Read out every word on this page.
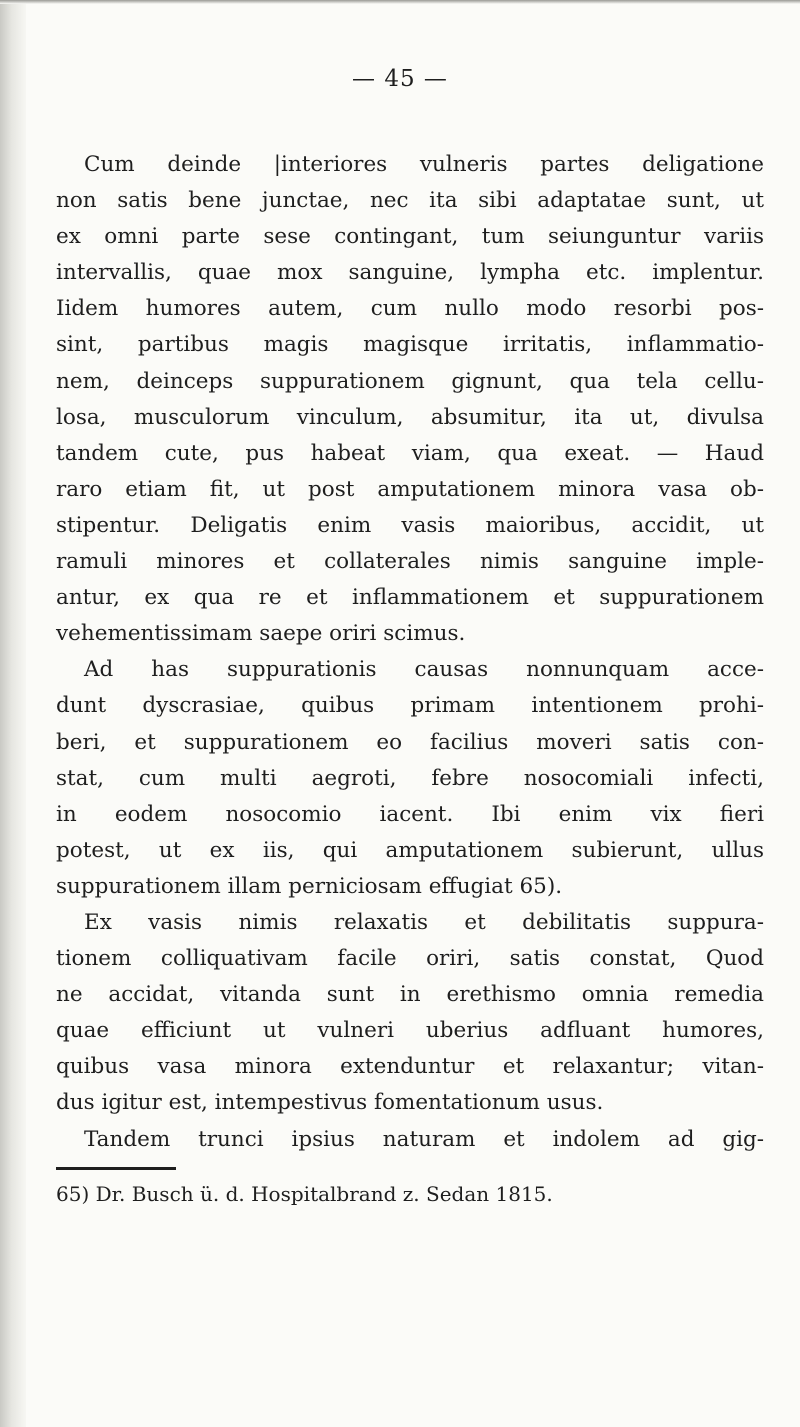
— 45 —
Cum deinde |interiores vulneris partes deligatione
non satis bene junctae, nec ita sibi adaptatae sunt, ut
ex omni parte sese contingant, tum seiunguntur variis
intervallis, quae mox sanguine, lympha etc. implentur.
Iidem humores autem, cum nullo modo resorbi pos-
sint, partibus magis magisque irritatis, inflammatio-
nem, deinceps suppurationem gignunt, qua tela cellu-
losa, musculorum vinculum, absumitur, ita ut, divulsa
tandem cute, pus habeat viam, qua exeat. — Haud
raro etiam fit, ut post amputationem minora vasa ob-
stipentur. Deligatis enim vasis maioribus, accidit, ut
ramuli minores et collaterales nimis sanguine imple-
antur, ex qua re et inflammationem et suppurationem
vehementissimam saepe oriri scimus.
Ad has suppurationis causas nonnunquam acce-
dunt dyscrasiae, quibus primam intentionem prohi-
beri, et suppurationem eo facilius moveri satis con-
stat, cum multi aegroti, febre nosocomiali infecti,
in eodem nosocomio iacent. Ibi enim vix fieri
potest, ut ex iis, qui amputationem subierunt, ullus
suppurationem illam perniciosam effugiat 65).
Ex vasis nimis relaxatis et debilitatis suppura-
tionem colliquativam facile oriri, satis constat, Quod
ne accidat, vitanda sunt in erethismo omnia remedia
quae efficiunt ut vulneri uberius adfluant humores,
quibus vasa minora extenduntur et relaxantur; vitan-
dus igitur est, intempestivus fomentationum usus.
Tandem trunci ipsius naturam et indolem ad gig-
65) Dr. Busch ü. d. Hospitalbrand z. Sedan 1815.
